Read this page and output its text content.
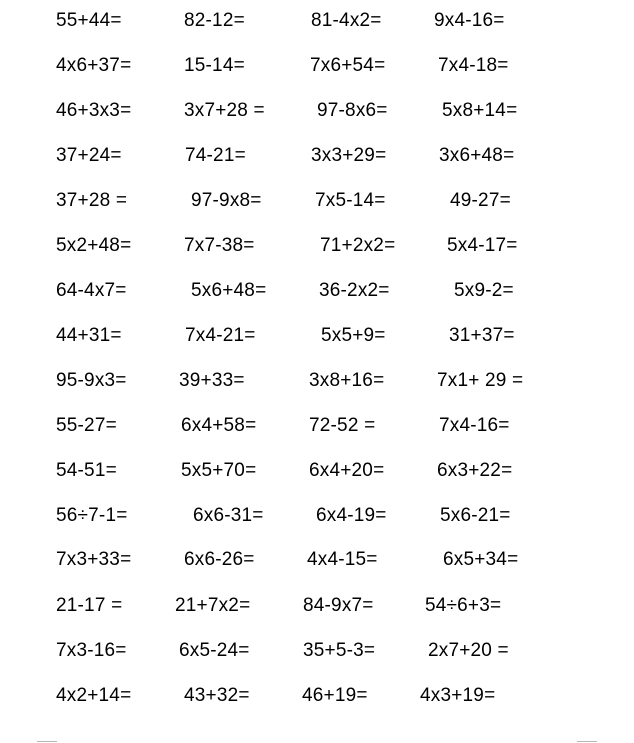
55+44=	82-12=	81-4x2=	9x4-16=
4x6+37=	15-14=	7x6+54=	7x4-18=
46+3x3=	3x7+28 =	97-8x6=	5x8+14=
37+24=	74-21=	3x3+29=	3x6+48=
37+28 =	97-9x8=	7x5-14=	49-27=
5x2+48=	7x7-38=	71+2x2=	5x4-17=
64-4x7=	5x6+48=	36-2x2=	5x9-2=
44+31=	7x4-21=	5x5+9=	31+37=
95-9x3=	39+33=	3x8+16=	7x1+ 29 =
55-27=	6x4+58=	72-52 =	7x4-16=
54-51=	5x5+70=	6x4+20=	6x3+22=
56÷7-1=	6x6-31=	6x4-19=	5x6-21=
7x3+33=	6x6-26=	4x4-15=	6x5+34=
21-17 =	21+7x2=	84-9x7=	54÷6+3=
7x3-16=	6x5-24=	35+5-3=	2x7+20 =
4x2+14=	43+32=	46+19=	4x3+19=
